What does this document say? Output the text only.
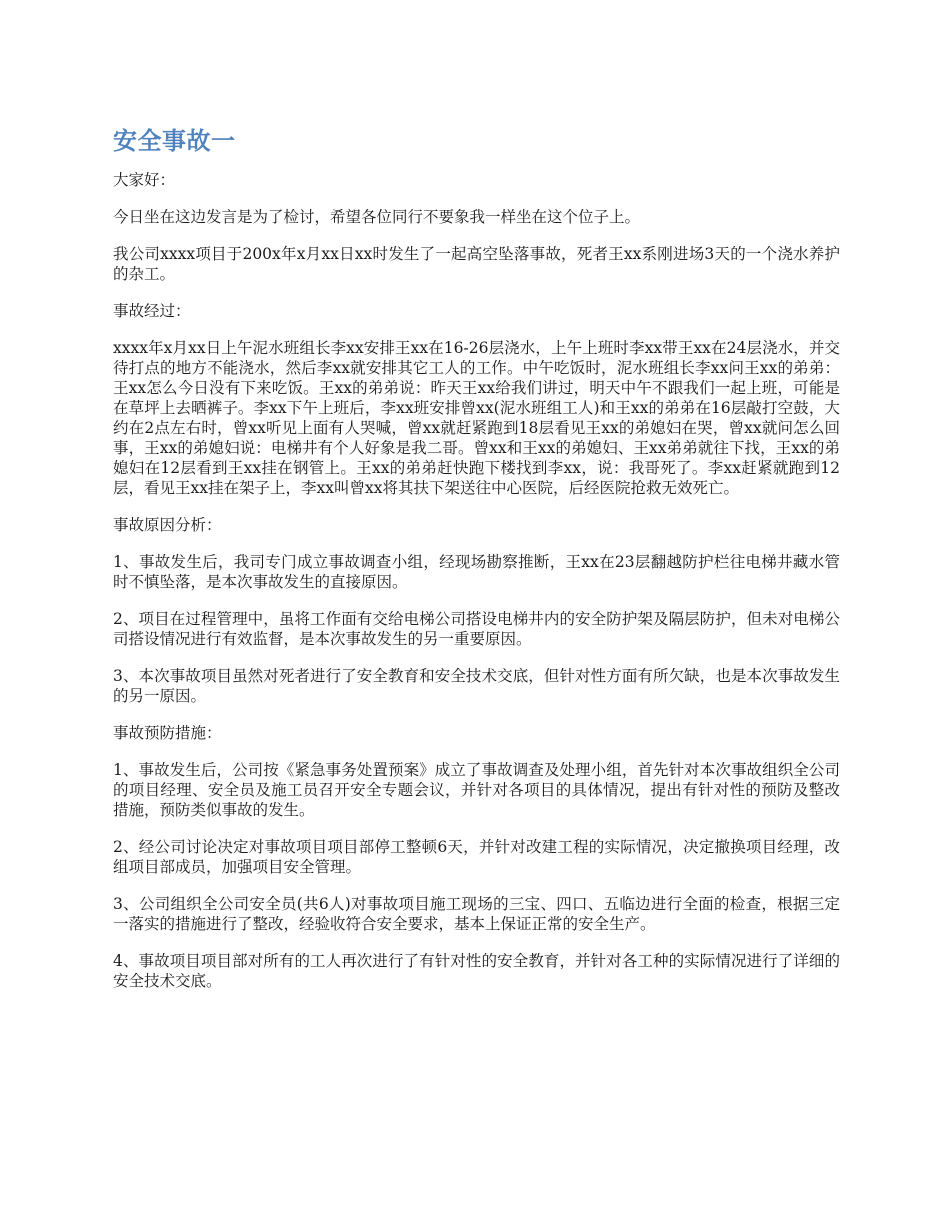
安全事故一

大家好：

今日坐在这边发言是为了检讨，希望各位同行不要象我一样坐在这个位子上。

我公司xxxx项目于200x年x月xx日xx时发生了一起高空坠落事故，死者王xx系刚进场3天的一个浇水养护的杂工。

事故经过：

xxxx年x月xx日上午泥水班组长李xx安排王xx在16-26层浇水，上午上班时李xx带王xx在24层浇水，并交待打点的地方不能浇水，然后李xx就安排其它工人的工作。中午吃饭时，泥水班组长李xx问王xx的弟弟：王xx怎么今日没有下来吃饭。王xx的弟弟说：昨天王xx给我们讲过，明天中午不跟我们一起上班，可能是在草坪上去晒裤子。李xx下午上班后，李xx班安排曾xx(泥水班组工人)和王xx的弟弟在16层敲打空鼓，大约在2点左右时，曾xx听见上面有人哭喊，曾xx就赶紧跑到18层看见王xx的弟媳妇在哭，曾xx就问怎么回事，王xx的弟媳妇说：电梯井有个人好象是我二哥。曾xx和王xx的弟媳妇、王xx弟弟就往下找，王xx的弟媳妇在12层看到王xx挂在钢管上。王xx的弟弟赶快跑下楼找到李xx，说：我哥死了。李xx赶紧就跑到12层，看见王xx挂在架子上，李xx叫曾xx将其扶下架送往中心医院，后经医院抢救无效死亡。

事故原因分析：

1、事故发生后，我司专门成立事故调查小组，经现场勘察推断，王xx在23层翻越防护栏往电梯井藏水管时不慎坠落，是本次事故发生的直接原因。

2、项目在过程管理中，虽将工作面有交给电梯公司搭设电梯井内的安全防护架及隔层防护，但未对电梯公司搭设情况进行有效监督，是本次事故发生的另一重要原因。

3、本次事故项目虽然对死者进行了安全教育和安全技术交底，但针对性方面有所欠缺，也是本次事故发生的另一原因。

事故预防措施：

1、事故发生后，公司按《紧急事务处置预案》成立了事故调查及处理小组，首先针对本次事故组织全公司的项目经理、安全员及施工员召开安全专题会议，并针对各项目的具体情况，提出有针对性的预防及整改措施，预防类似事故的发生。

2、经公司讨论决定对事故项目项目部停工整顿6天，并针对改建工程的实际情况，决定撤换项目经理，改组项目部成员，加强项目安全管理。

3、公司组织全公司安全员(共6人)对事故项目施工现场的三宝、四口、五临边进行全面的检查，根据三定一落实的措施进行了整改，经验收符合安全要求，基本上保证正常的安全生产。

4、事故项目项目部对所有的工人再次进行了有针对性的安全教育，并针对各工种的实际情况进行了详细的安全技术交底。
